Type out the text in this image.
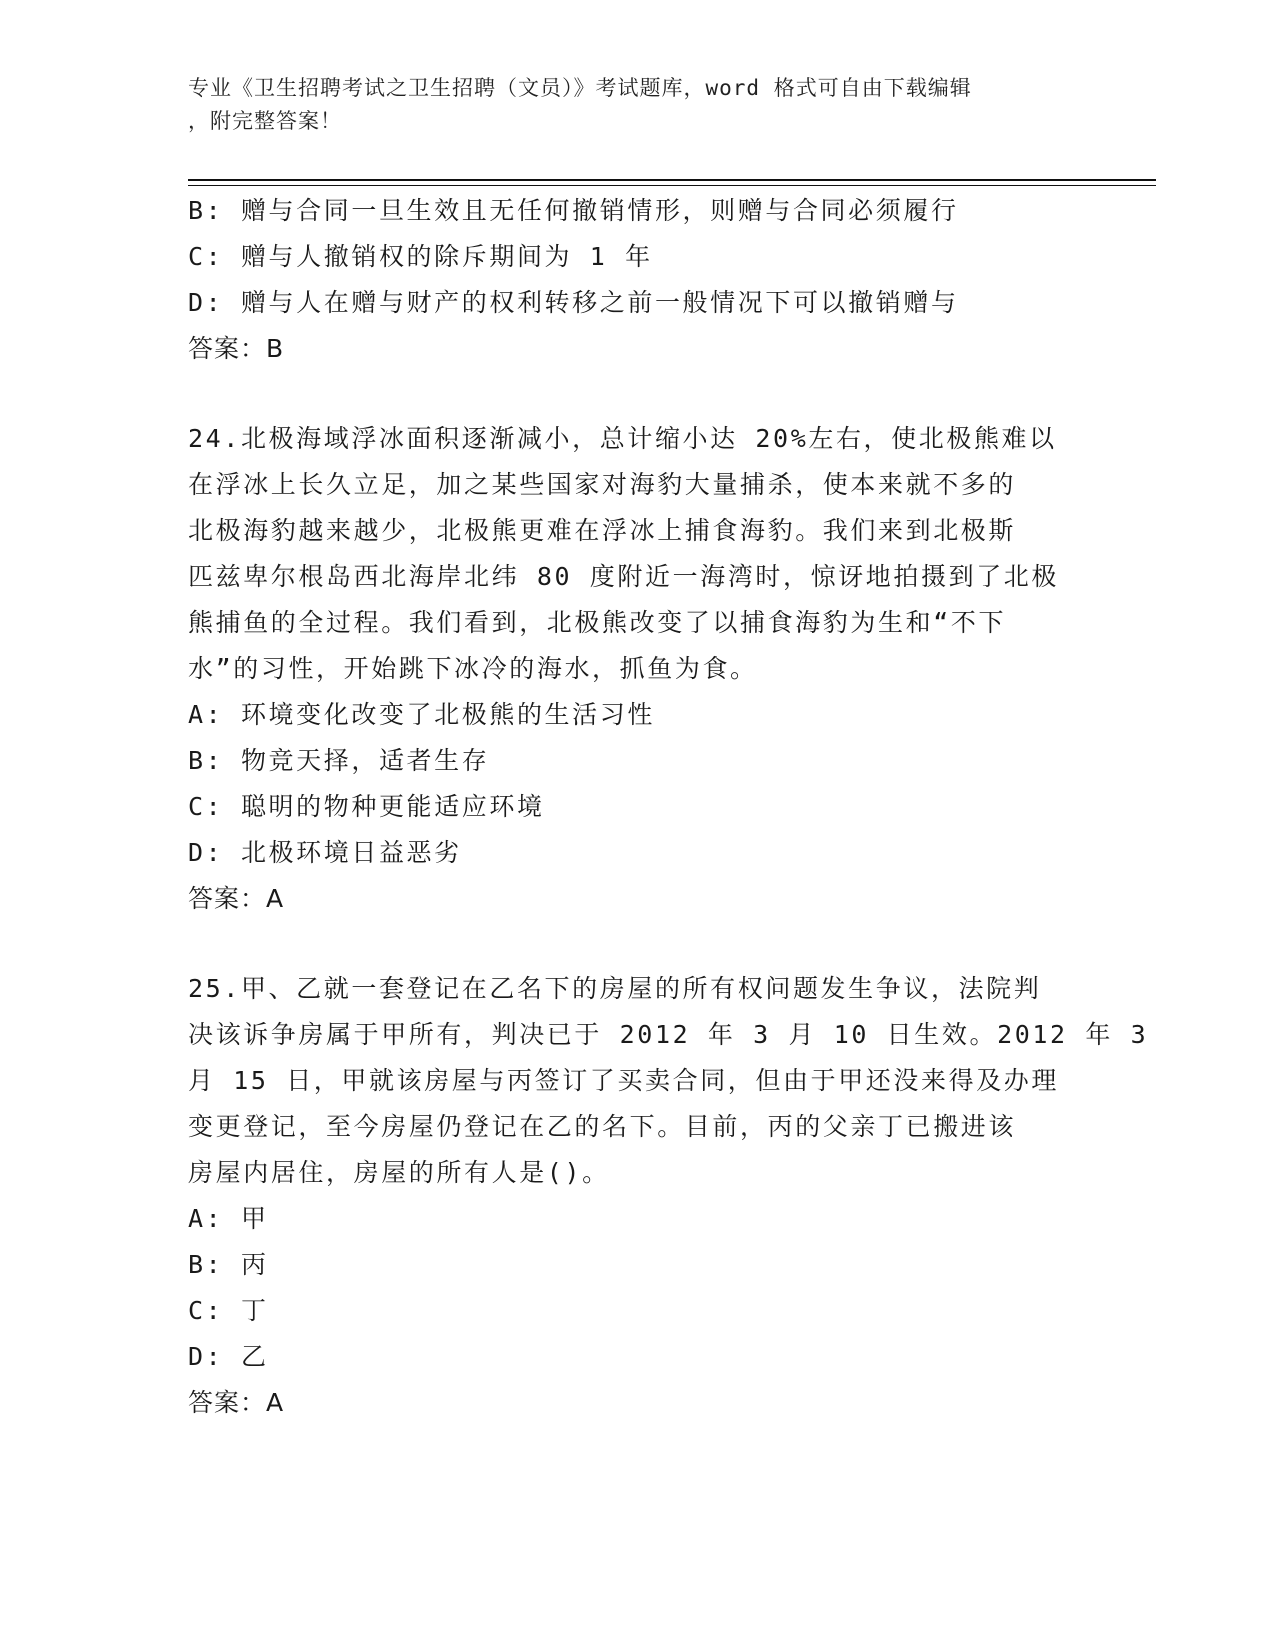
专业《卫生招聘考试之卫生招聘（文员）》考试题库，word 格式可自由下载编辑
，附完整答案！
B: 赠与合同一旦生效且无任何撤销情形，则赠与合同必须履行
C: 赠与人撤销权的除斥期间为 1 年
D: 赠与人在赠与财产的权利转移之前一般情况下可以撤销赠与
答案：B
24.北极海域浮冰面积逐渐减小，总计缩小达 20%左右，使北极熊难以
在浮冰上长久立足，加之某些国家对海豹大量捕杀，使本来就不多的
北极海豹越来越少，北极熊更难在浮冰上捕食海豹。我们来到北极斯
匹兹卑尔根岛西北海岸北纬 80 度附近一海湾时，惊讶地拍摄到了北极
熊捕鱼的全过程。我们看到，北极熊改变了以捕食海豹为生和“不下
水”的习性，开始跳下冰冷的海水，抓鱼为食。
A: 环境变化改变了北极熊的生活习性
B: 物竞天择，适者生存
C: 聪明的物种更能适应环境
D: 北极环境日益恶劣
答案：A
25.甲、乙就一套登记在乙名下的房屋的所有权问题发生争议，法院判
决该诉争房属于甲所有，判决已于 2012 年 3 月 10 日生效。2012 年 3
月 15 日，甲就该房屋与丙签订了买卖合同，但由于甲还没来得及办理
变更登记，至今房屋仍登记在乙的名下。目前，丙的父亲丁已搬进该
房屋内居住，房屋的所有人是()。
A: 甲
B: 丙
C: 丁
D: 乙
答案：A
